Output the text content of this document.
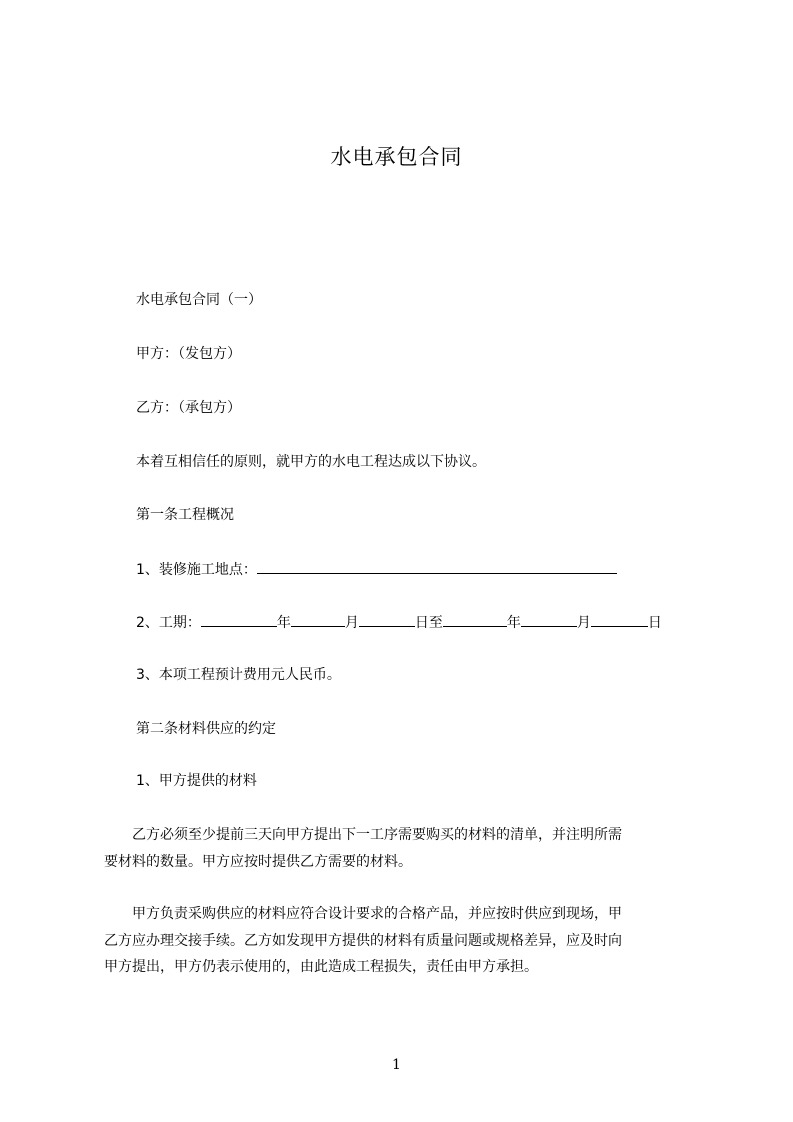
水电承包合同
水电承包合同（一）
甲方：（发包方）
乙方：（承包方）
本着互相信任的原则，就甲方的水电工程达成以下协议。
第一条工程概况
1、装修施工地点：
2、工期：	年	月	日至	年	月	日
3、本项工程预计费用元人民币。
第二条材料供应的约定
1、甲方提供的材料
　　乙方必须至少提前三天向甲方提出下一工序需要购买的材料的清单，并注明所需
要材料的数量。甲方应按时提供乙方需要的材料。
　　甲方负责采购供应的材料应符合设计要求的合格产品，并应按时供应到现场，甲
乙方应办理交接手续。乙方如发现甲方提供的材料有质量问题或规格差异，应及时向
甲方提出，甲方仍表示使用的，由此造成工程损失，责任由甲方承担。
1
